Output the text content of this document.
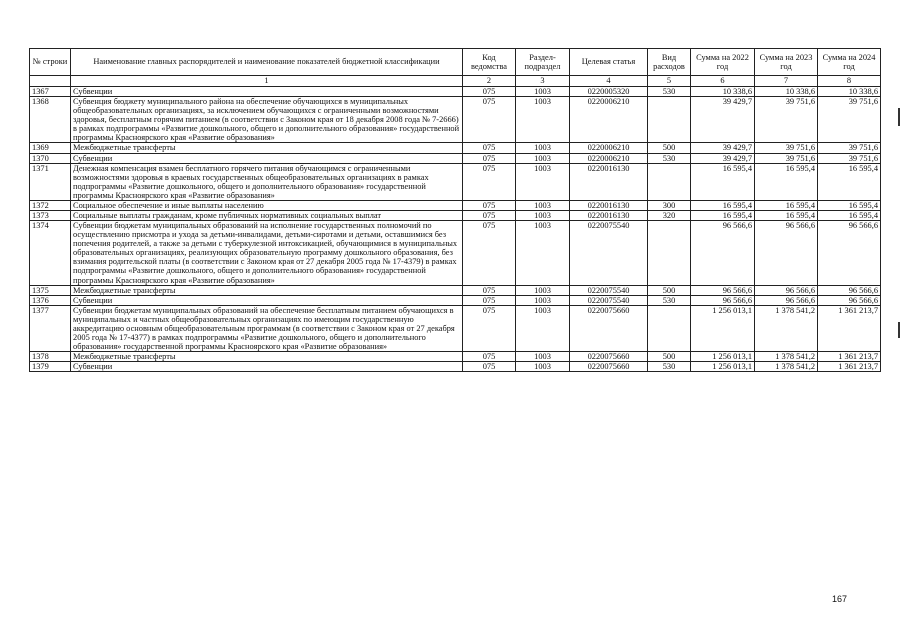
№ строки	Наименование главных распорядителей и наименование показателей бюджетной классификации	Код ведомства	Раздел-подраздел	Целевая статья	Вид расходов	Сумма на 2022 год	Сумма на 2023 год	Сумма на 2024 год
	1	2	3	4	5	6	7	8
1367	Субвенции	075	1003	0220005320	530	10 338,6	10 338,6	10 338,6
1368	Субвенция бюджету муниципального района на обеспечение обучающихся в муниципальных общеобразовательных организациях, за исключением обучающихся с ограниченными возможностями здоровья, бесплатным горячим питанием (в соответствии с Законом края от 18 декабря 2008 года № 7-2666) в рамках подпрограммы «Развитие дошкольного, общего и дополнительного образования» государственной программы Красноярского края «Развитие образования»	075	1003	0220006210		39 429,7	39 751,6	39 751,6
1369	Межбюджетные трансферты	075	1003	0220006210	500	39 429,7	39 751,6	39 751,6
1370	Субвенции	075	1003	0220006210	530	39 429,7	39 751,6	39 751,6
1371	Денежная компенсация взамен бесплатного горячего питания обучающимся с ограниченными возможностями здоровья в краевых государственных общеобразовательных организациях в рамках подпрограммы «Развитие дошкольного, общего и дополнительного образования» государственной программы Красноярского края «Развитие образования»	075	1003	0220016130		16 595,4	16 595,4	16 595,4
1372	Социальное обеспечение и иные выплаты населению	075	1003	0220016130	300	16 595,4	16 595,4	16 595,4
1373	Социальные выплаты гражданам, кроме публичных нормативных социальных выплат	075	1003	0220016130	320	16 595,4	16 595,4	16 595,4
1374	Субвенции бюджетам муниципальных образований на исполнение государственных полномочий по осуществлению присмотра и ухода за детьми-инвалидами, детьми-сиротами и детьми, оставшимися без попечения родителей, а также за детьми с туберкулезной интоксикацией, обучающимися в муниципальных образовательных организациях, реализующих образовательную программу дошкольного образования, без взимания родительской платы (в соответствии с Законом края от 27 декабря 2005 года № 17-4379) в рамках подпрограммы «Развитие дошкольного, общего и дополнительного образования» государственной программы Красноярского края «Развитие образования»	075	1003	0220075540		96 566,6	96 566,6	96 566,6
1375	Межбюджетные трансферты	075	1003	0220075540	500	96 566,6	96 566,6	96 566,6
1376	Субвенции	075	1003	0220075540	530	96 566,6	96 566,6	96 566,6
1377	Субвенции бюджетам муниципальных образований на обеспечение бесплатным питанием обучающихся в муниципальных и частных общеобразовательных организациях по имеющим государственную аккредитацию основным общеобразовательным программам (в соответствии с Законом края от 27 декабря 2005 года № 17-4377) в рамках подпрограммы «Развитие дошкольного, общего и дополнительного образования» государственной программы Красноярского края «Развитие образования»	075	1003	0220075660		1 256 013,1	1 378 541,2	1 361 213,7
1378	Межбюджетные трансферты	075	1003	0220075660	500	1 256 013,1	1 378 541,2	1 361 213,7
1379	Субвенции	075	1003	0220075660	530	1 256 013,1	1 378 541,2	1 361 213,7
167
